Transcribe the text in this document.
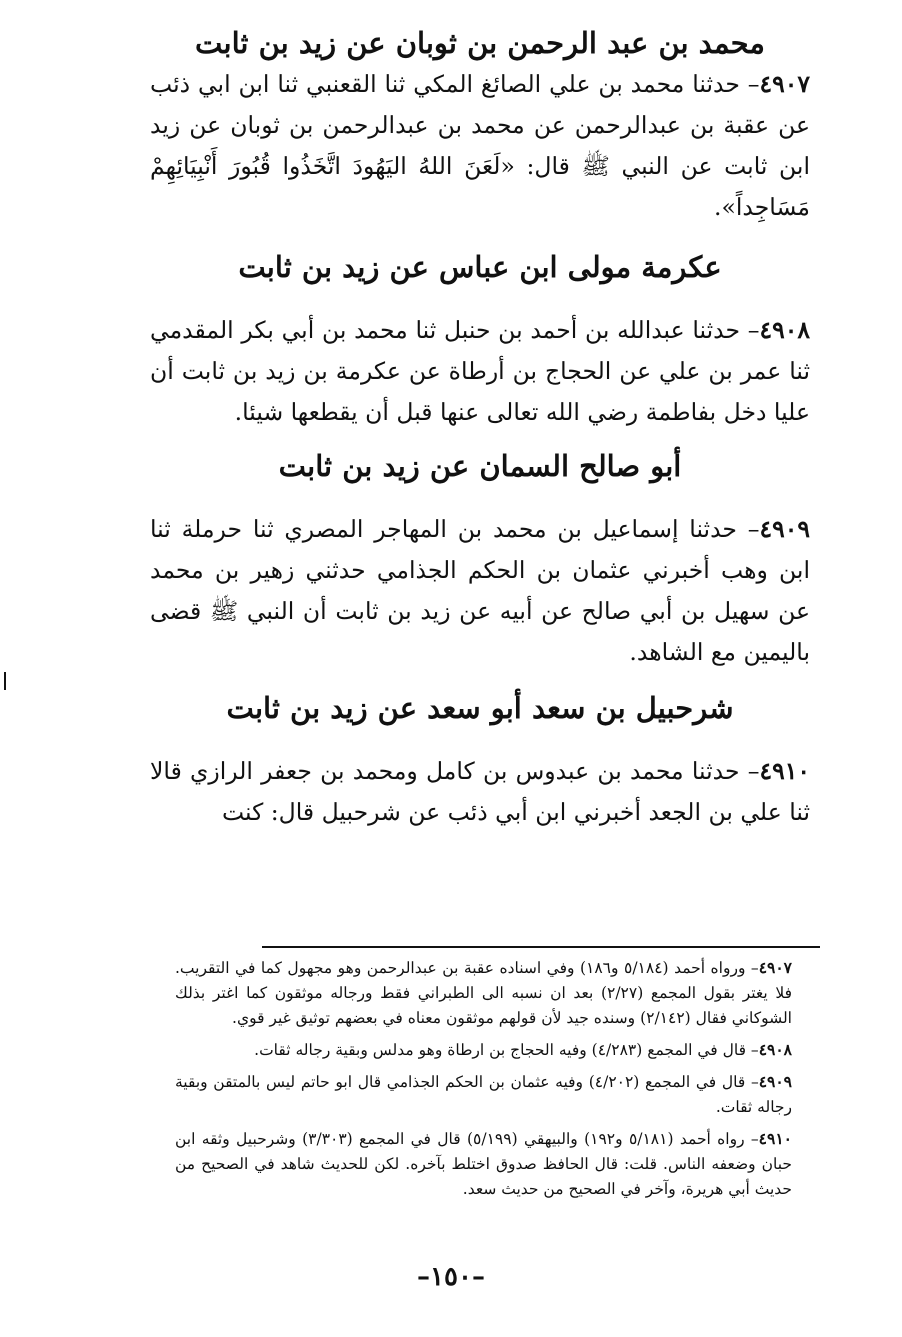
محمد بن عبد الرحمن بن ثوبان عن زيد بن ثابت

٤٩٠٧– حدثنا محمد بن علي الصائغ المكي ثنا القعنبي ثنا ابن ابي ذئب عن عقبة بن عبدالرحمن عن محمد بن عبدالرحمن بن ثوبان عن زيد ابن ثابت عن النبي ﷺ قال: «لَعَنَ اللهُ اليَهُودَ اتَّخَذُوا قُبُورَ أَنْبِيَائِهِمْ مَسَاجِداً».

عكرمة مولى ابن عباس عن زيد بن ثابت

٤٩٠٨– حدثنا عبدالله بن أحمد بن حنبل ثنا محمد بن أبي بكر المقدمي ثنا عمر بن علي عن الحجاج بن أرطاة عن عكرمة بن زيد بن ثابت أن عليا دخل بفاطمة رضي الله تعالى عنها قبل أن يقطعها شيئا.

أبو صالح السمان عن زيد بن ثابت

٤٩٠٩– حدثنا إسماعيل بن محمد بن المهاجر المصري ثنا حرملة ثنا ابن وهب أخبرني عثمان بن الحكم الجذامي حدثني زهير بن محمد عن سهيل بن أبي صالح عن أبيه عن زيد بن ثابت أن النبي ﷺ قضى باليمين مع الشاهد.

شرحبيل بن سعد أبو سعد عن زيد بن ثابت

٤٩١٠– حدثنا محمد بن عبدوس بن كامل ومحمد بن جعفر الرازي قالا ثنا علي بن الجعد أخبرني ابن أبي ذئب عن شرحبيل قال: كنت

٤٩٠٧– ورواه أحمد (٥/١٨٤ و١٨٦) وفي اسناده عقبة بن عبدالرحمن وهو مجهول كما في التقريب. فلا يغتر بقول المجمع (٢/٢٧) بعد ان نسبه الى الطبراني فقط ورجاله موثقون كما اغتر بذلك الشوكاني فقال (٢/١٤٢) وسنده جيد لأن قولهم موثقون معناه في بعضهم توثيق غير قوي.

٤٩٠٨– قال في المجمع (٤/٢٨٣) وفيه الحجاج بن ارطاة وهو مدلس وبقية رجاله ثقات.

٤٩٠٩– قال في المجمع (٤/٢٠٢) وفيه عثمان بن الحكم الجذامي قال ابو حاتم ليس بالمتقن وبقية رجاله ثقات.

٤٩١٠– رواه أحمد (٥/١٨١ و١٩٢) والبيهقي (٥/١٩٩) قال في المجمع (٣/٣٠٣) وشرحبيل وثقه ابن حبان وضعفه الناس. قلت: قال الحافظ صدوق اختلط بآخره. لكن للحديث شاهد في الصحيح من حديث أبي هريرة، وآخر في الصحيح من حديث سعد.

–١٥٠–
